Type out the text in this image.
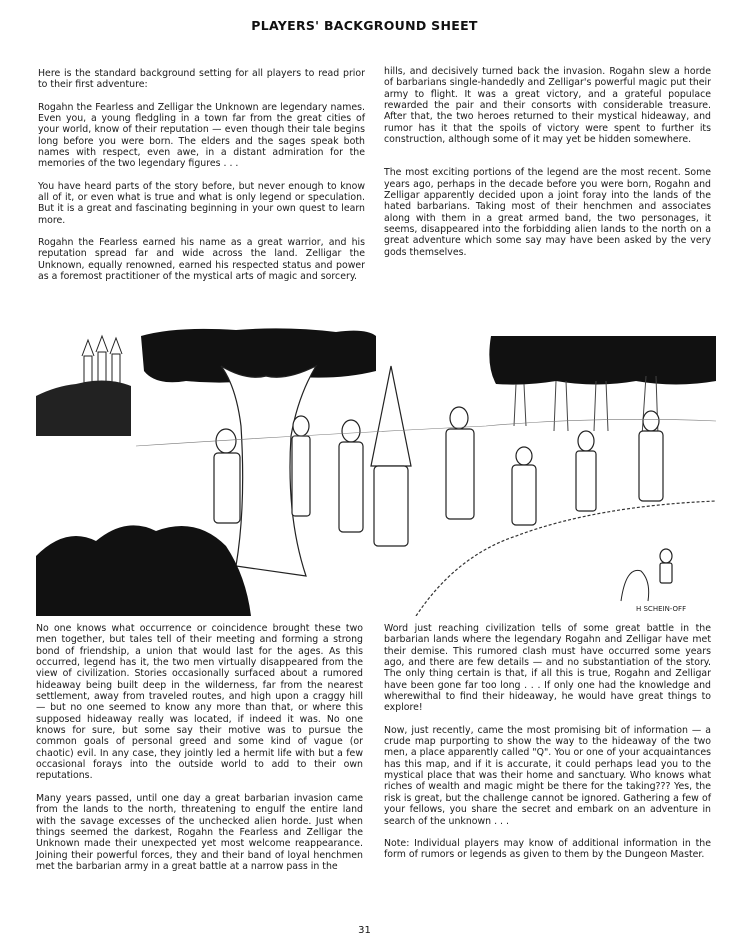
PLAYERS' BACKGROUND SHEET

Here is the standard background setting for all players to read prior to their first adventure:

Rogahn the Fearless and Zelligar the Unknown are legendary names. Even you, a young fledgling in a town far from the great cities of your world, know of their reputation — even though their tale begins long before you were born. The elders and the sages speak both names with respect, even awe, in a distant admiration for the memories of the two legendary figures . . .

You have heard parts of the story before, but never enough to know all of it, or even what is true and what is only legend or speculation. But it is a great and fascinating beginning in your own quest to learn more.

Rogahn the Fearless earned his name as a great warrior, and his reputation spread far and wide across the land. Zelligar the Unknown, equally renowned, earned his respected status and power as a foremost practitioner of the mystical arts of magic and sorcery.

hills, and decisively turned back the invasion. Rogahn slew a horde of barbarians single-handedly and Zelligar's powerful magic put their army to flight. It was a great victory, and a grateful populace rewarded the pair and their consorts with considerable treasure. After that, the two heroes returned to their mystical hideaway, and rumor has it that the spoils of victory were spent to further its construction, although some of it may yet be hidden somewhere.

The most exciting portions of the legend are the most recent. Some years ago, perhaps in the decade before you were born, Rogahn and Zelligar apparently decided upon a joint foray into the lands of the hated barbarians. Taking most of their henchmen and associates along with them in a great armed band, the two personages, it seems, disappeared into the forbidding alien lands to the north on a great adventure which some say may have been asked by the very gods themselves.

H SCHEIN-OFF

No one knows what occurrence or coincidence brought these two men together, but tales tell of their meeting and forming a strong bond of friendship, a union that would last for the ages. As this occurred, legend has it, the two men virtually disappeared from the view of civilization. Stories occasionally surfaced about a rumored hideaway being built deep in the wilderness, far from the nearest settlement, away from traveled routes, and high upon a craggy hill — but no one seemed to know any more than that, or where this supposed hideaway really was located, if indeed it was. No one knows for sure, but some say their motive was to pursue the common goals of personal greed and some kind of vague (or chaotic) evil. In any case, they jointly led a hermit life with but a few occasional forays into the outside world to add to their own reputations.

Many years passed, until one day a great barbarian invasion came from the lands to the north, threatening to engulf the entire land with the savage excesses of the unchecked alien horde. Just when things seemed the darkest, Rogahn the Fearless and Zelligar the Unknown made their unexpected yet most welcome reappearance. Joining their powerful forces, they and their band of loyal henchmen met the barbarian army in a great battle at a narrow pass in the

Word just reaching civilization tells of some great battle in the barbarian lands where the legendary Rogahn and Zelligar have met their demise. This rumored clash must have occurred some years ago, and there are few details — and no substantiation of the story. The only thing certain is that, if all this is true, Rogahn and Zelligar have been gone far too long . . . If only one had the knowledge and wherewithal to find their hideaway, he would have great things to explore!

Now, just recently, came the most promising bit of information — a crude map purporting to show the way to the hideaway of the two men, a place apparently called "Q". You or one of your acquaintances has this map, and if it is accurate, it could perhaps lead you to the mystical place that was their home and sanctuary. Who knows what riches of wealth and magic might be there for the taking??? Yes, the risk is great, but the challenge cannot be ignored. Gathering a few of your fellows, you share the secret and embark on an adventure in search of the unknown . . .

Note: Individual players may know of additional information in the form of rumors or legends as given to them by the Dungeon Master.

31
